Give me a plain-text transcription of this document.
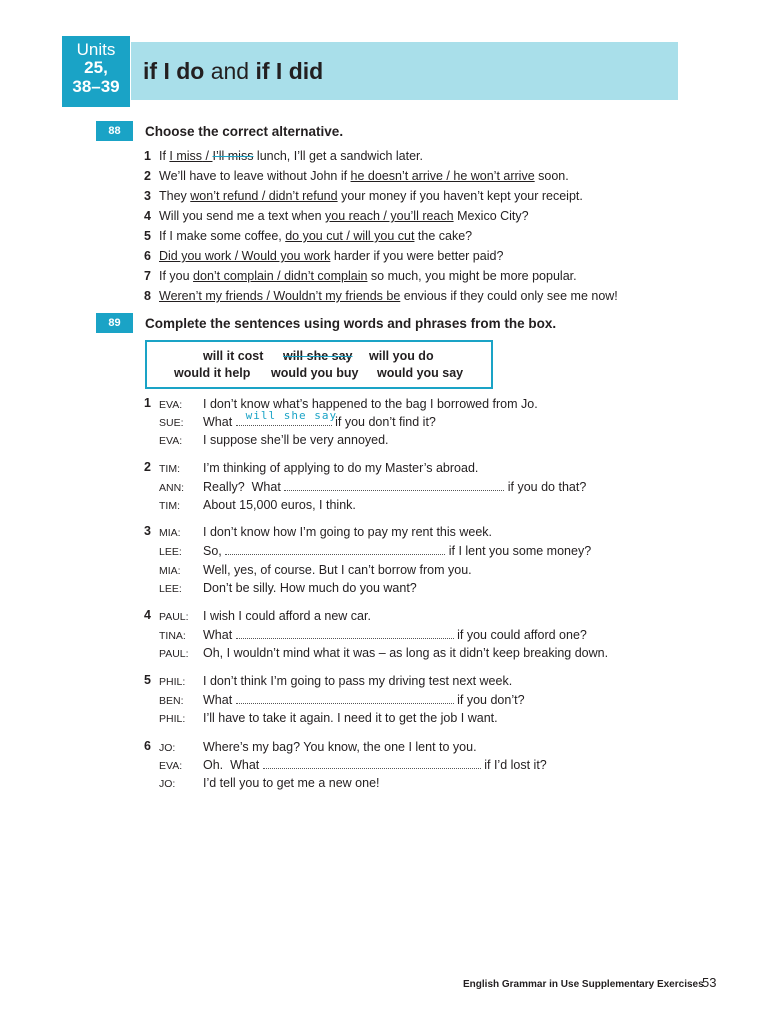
Units
25,
38–39
if I do and if I did
88	Choose the correct alternative.
1 If I miss / I’ll miss lunch, I’ll get a sandwich later.
2 We’ll have to leave without John if he doesn’t arrive / he won’t arrive soon.
3 They won’t refund / didn’t refund your money if you haven’t kept your receipt.
4 Will you send me a text when you reach / you’ll reach Mexico City?
5 If I make some coffee, do you cut / will you cut the cake?
6 Did you work / Would you work harder if you were better paid?
7 If you don’t complain / didn’t complain so much, you might be more popular.
8 Weren’t my friends / Wouldn’t my friends be envious if they could only see me now!
89	Complete the sentences using words and phrases from the box.
will it cost will she say will you do
would it help would you buy would you say
1 EVA: I don’t know what’s happened to the bag I borrowed from Jo.
SUE: What will she say
if you don’t find it?
EVA: I suppose she’ll be very annoyed.
2 TIM: I’m thinking of applying to do my Master’s abroad.
ANN: Really?  What	if you do that?
TIM: About 15,000 euros, I think.
3 MIA: I don’t know how I’m going to pay my rent this week.
LEE: So,	if I lent you some money?
MIA: Well, yes, of course. But I can’t borrow from you.
LEE: Don’t be silly. How much do you want?
4 PAUL: I wish I could afford a new car.
TINA: What	if you could afford one?
PAUL: Oh, I wouldn’t mind what it was – as long as it didn’t keep breaking down.
5 PHIL: I don’t think I’m going to pass my driving test next week.
BEN: What	if you don’t?
PHIL: I’ll have to take it again. I need it to get the job I want.
6 JO: Where’s my bag? You know, the one I lent to you.
EVA: Oh.  What	if I’d lost it?
JO: I’d tell you to get me a new one!
English Grammar in Use Supplementary Exercises
53
